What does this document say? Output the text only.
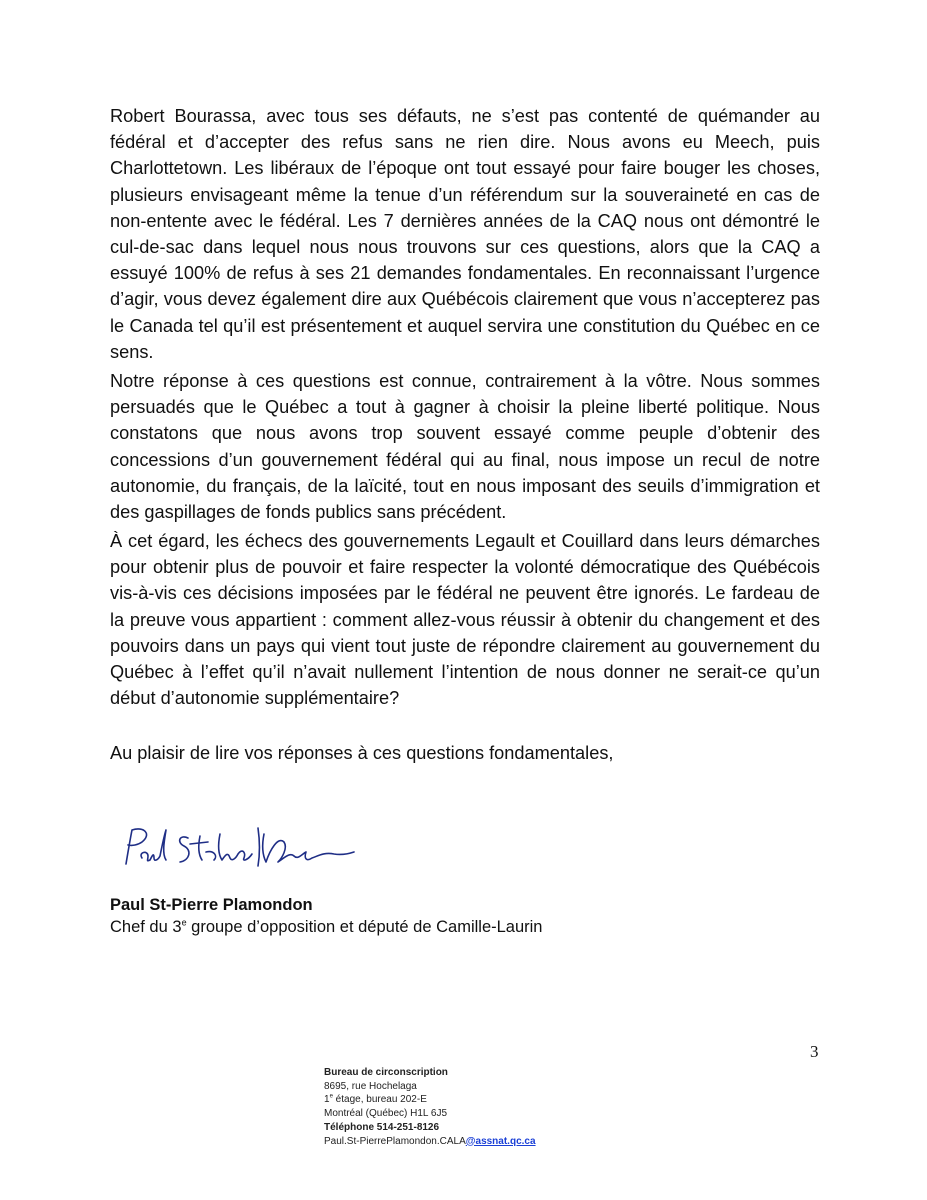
Robert Bourassa, avec tous ses défauts, ne s’est pas contenté de quémander au fédéral et d’accepter des refus sans ne rien dire. Nous avons eu Meech, puis Charlottetown. Les libéraux de l’époque ont tout essayé pour faire bouger les choses, plusieurs envisageant même la tenue d’un référendum sur la souveraineté en cas de non-entente avec le fédéral. Les 7 dernières années de la CAQ nous ont démontré le cul-de-sac dans lequel nous nous trouvons sur ces questions, alors que la CAQ a essuyé 100% de refus à ses 21 demandes fondamentales. En reconnaissant l’urgence d’agir, vous devez également dire aux Québécois clairement que vous n’accepterez pas le Canada tel qu’il est présentement et auquel servira une constitution du Québec en ce sens.

Notre réponse à ces questions est connue, contrairement à la vôtre. Nous sommes persuadés que le Québec a tout à gagner à choisir la pleine liberté politique. Nous constatons que nous avons trop souvent essayé comme peuple d’obtenir des concessions d’un gouvernement fédéral qui au final, nous impose un recul de notre autonomie, du français, de la laïcité, tout en nous imposant des seuils d’immigration et des gaspillages de fonds publics sans précédent.

À cet égard, les échecs des gouvernements Legault et Couillard dans leurs démarches pour obtenir plus de pouvoir et faire respecter la volonté démocratique des Québécois vis-à-vis ces décisions imposées par le fédéral ne peuvent être ignorés. Le fardeau de la preuve vous appartient : comment allez-vous réussir à obtenir du changement et des pouvoirs dans un pays qui vient tout juste de répondre clairement au gouvernement du Québec à l’effet qu’il n’avait nullement l’intention de nous donner ne serait-ce qu’un début d’autonomie supplémentaire?

Au plaisir de lire vos réponses à ces questions fondamentales,

Paul St-Pierre Plamondon

Chef du 3e groupe d’opposition et député de Camille-Laurin

3
Bureau de circonscription
8695, rue Hochelaga
1e étage, bureau 202-E
Montréal (Québec) H1L 6J5
Téléphone 514-251-8126
Paul.St-PierrePlamondon.CALA@assnat.qc.ca
